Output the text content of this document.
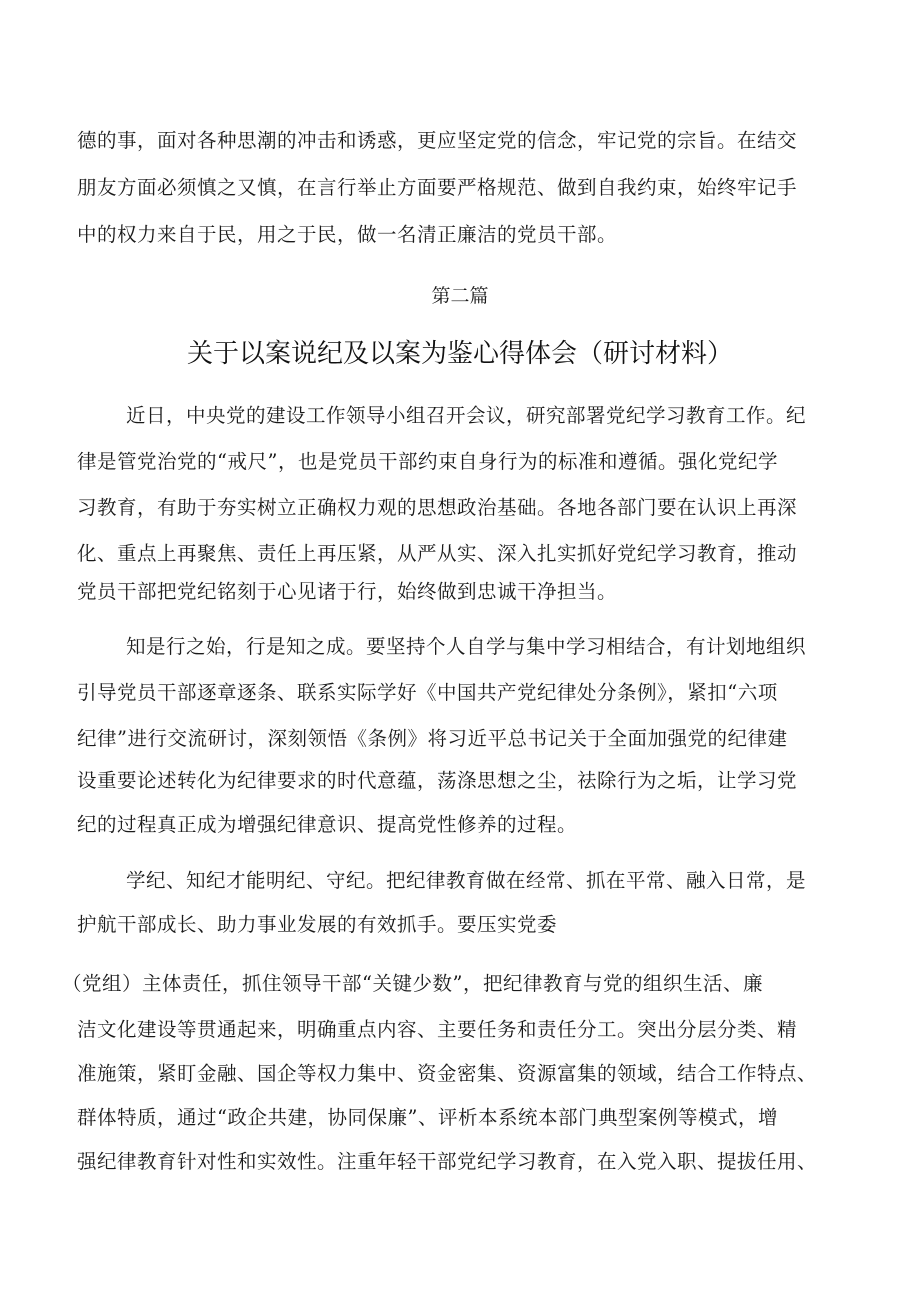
德的事，面对各种思潮的冲击和诱惑，更应坚定党的信念，牢记党的宗旨。在结交
朋友方面必须慎之又慎，在言行举止方面要严格规范、做到自我约束，始终牢记手
中的权力来自于民，用之于民，做一名清正廉洁的党员干部。
第二篇
关于以案说纪及以案为鉴心得体会（研讨材料）
近日，中央党的建设工作领导小组召开会议，研究部署党纪学习教育工作。纪
律是管党治党的“戒尺”，也是党员干部约束自身行为的标准和遵循。强化党纪学
习教育，有助于夯实树立正确权力观的思想政治基础。各地各部门要在认识上再深
化、重点上再聚焦、责任上再压紧，从严从实、深入扎实抓好党纪学习教育，推动
党员干部把党纪铭刻于心见诸于行，始终做到忠诚干净担当。
知是行之始，行是知之成。要坚持个人自学与集中学习相结合，有计划地组织
引导党员干部逐章逐条、联系实际学好《中国共产党纪律处分条例》，紧扣“六项
纪律”进行交流研讨，深刻领悟《条例》将习近平总书记关于全面加强党的纪律建
设重要论述转化为纪律要求的时代意蕴，荡涤思想之尘，祛除行为之垢，让学习党
纪的过程真正成为增强纪律意识、提高党性修养的过程。
学纪、知纪才能明纪、守纪。把纪律教育做在经常、抓在平常、融入日常，是
护航干部成长、助力事业发展的有效抓手。要压实党委
（党组）主体责任，抓住领导干部“关键少数”，把纪律教育与党的组织生活、廉
洁文化建设等贯通起来，明确重点内容、主要任务和责任分工。突出分层分类、精
准施策，紧盯金融、国企等权力集中、资金密集、资源富集的领域，结合工作特点、
群体特质，通过“政企共建，协同保廉”、评析本系统本部门典型案例等模式，增
强纪律教育针对性和实效性。注重年轻干部党纪学习教育，在入党入职、提拔任用、
